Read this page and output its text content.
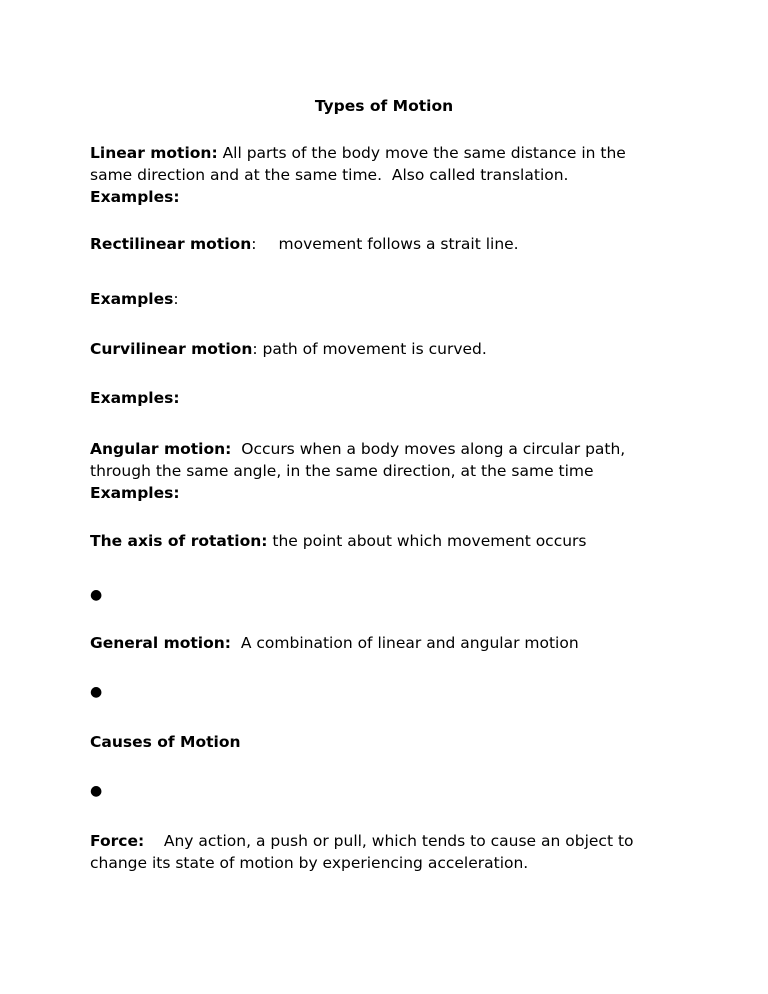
Types of Motion
Linear motion: All parts of the body move the same distance in the
same direction and at the same time.  Also called translation.
Examples:
Rectilinear motion: movement follows a strait line.
Examples:
Curvilinear motion: path of movement is curved.
Examples:
Angular motion:  Occurs when a body moves along a circular path,
through the same angle, in the same direction, at the same time
Examples:
The axis of rotation: the point about which movement occurs
●
General motion:  A combination of linear and angular motion
●
Causes of Motion
●
Force:    Any action, a push or pull, which tends to cause an object to
change its state of motion by experiencing acceleration.
